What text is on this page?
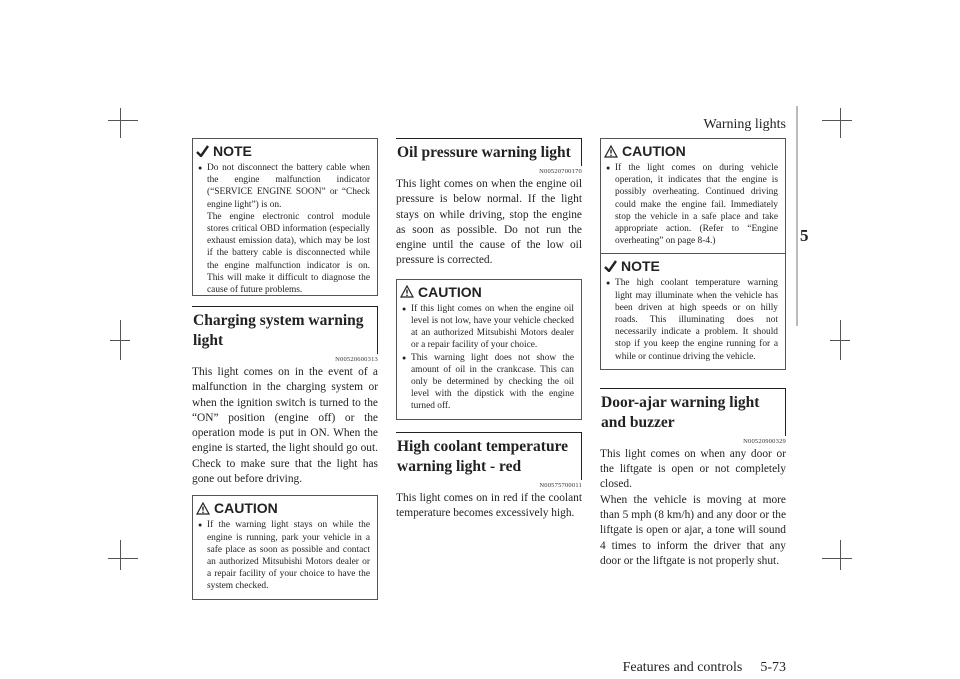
Warning lights
5
Features and controls 5-73
NOTE
● Do not disconnect the battery cable when the engine malfunction indicator (“SERVICE ENGINE SOON” or “Check engine light”) is on.
The engine electronic control module stores critical OBD information (especially exhaust emission data), which may be lost if the battery cable is disconnected while the engine malfunction indicator is on. This will make it difficult to diagnose the cause of future problems.
Charging system warning light
N00520600313
This light comes on in the event of a malfunction in the charging system or when the ignition switch is turned to the “ON” position (engine off) or the operation mode is put in ON. When the engine is started, the light should go out. Check to make sure that the light has gone out before driving.
CAUTION
● If the warning light stays on while the engine is running, park your vehicle in a safe place as soon as possible and contact an authorized Mitsubishi Motors dealer or a repair facility of your choice to have the system checked.
Oil pressure warning light
N00520700170
This light comes on when the engine oil pressure is below normal. If the light stays on while driving, stop the engine as soon as possible. Do not run the engine until the cause of the low oil pressure is corrected.
CAUTION
● If this light comes on when the engine oil level is not low, have your vehicle checked at an authorized Mitsubishi Motors dealer or a repair facility of your choice.
● This warning light does not show the amount of oil in the crankcase. This can only be determined by checking the oil level with the dipstick with the engine turned off.
High coolant temperature warning light - red
N00575700011
This light comes on in red if the coolant temperature becomes excessively high.
CAUTION
● If the light comes on during vehicle operation, it indicates that the engine is possibly overheating. Continued driving could make the engine fail. Immediately stop the vehicle in a safe place and take appropriate action. (Refer to “Engine overheating” on page 8-4.)
NOTE
● The high coolant temperature warning light may illuminate when the vehicle has been driven at high speeds or on hilly roads. This illuminating does not necessarily indicate a problem. It should stop if you keep the engine running for a while or continue driving the vehicle.
Door-ajar warning light and buzzer
N00520900329
This light comes on when any door or the liftgate is open or not completely closed.
When the vehicle is moving at more than 5 mph (8 km/h) and any door or the liftgate is open or ajar, a tone will sound 4 times to inform the driver that any door or the liftgate is not properly shut.
